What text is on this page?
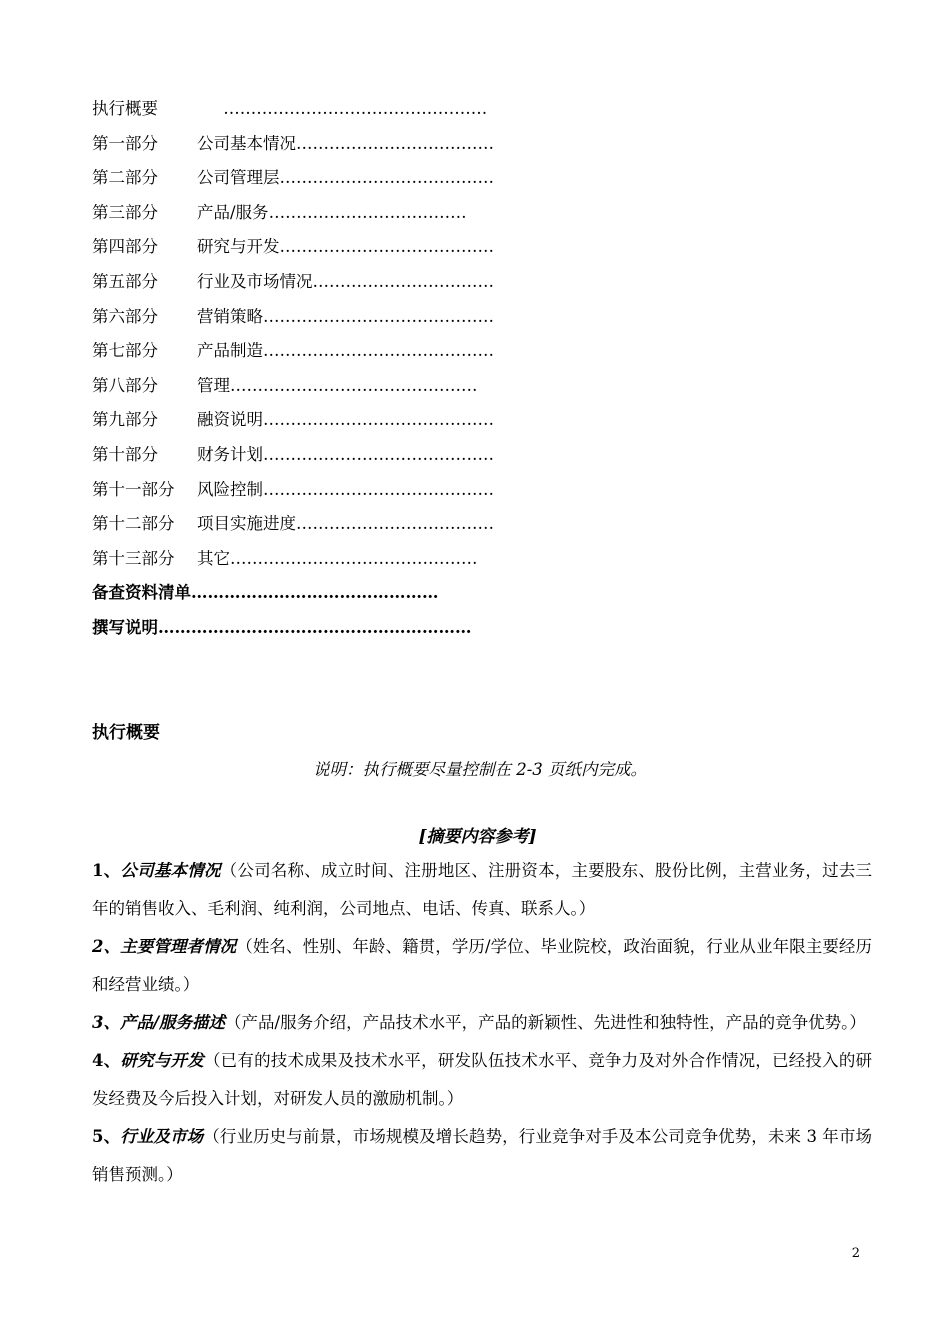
执行概要     …………………………………………
第一部分 公司基本情况………………………………
第二部分 公司管理层…………………………………
第三部分 产品/服务………………………………
第四部分 研究与开发…………………………………
第五部分 行业及市场情况……………………………
第六部分 营销策略……………………………………
第七部分 产品制造……………………………………
第八部分 管理………………………………………
第九部分 融资说明……………………………………
第十部分 财务计划……………………………………
第十一部分 风险控制……………………………………
第十二部分 项目实施进度………………………………
第十三部分 其它………………………………………
备查资料清单………………………………………
撰写说明…………………………………………………
执行概要
说明：执行概要尽量控制在 2-3 页纸内完成。
[摘要内容参考]

1、公司基本情况（公司名称、成立时间、注册地区、注册资本，主要股东、股份比例，主营业务，过去三年的销售收入、毛利润、纯利润，公司地点、电话、传真、联系人。）

2、主要管理者情况（姓名、性别、年龄、籍贯，学历/学位、毕业院校，政治面貌，行业从业年限主要经历和经营业绩。）

3、产品/服务描述（产品/服务介绍，产品技术水平，产品的新颖性、先进性和独特性，产品的竞争优势。）

4、研究与开发（已有的技术成果及技术水平，研发队伍技术水平、竞争力及对外合作情况，已经投入的研发经费及今后投入计划，对研发人员的激励机制。）

5、行业及市场（行业历史与前景，市场规模及增长趋势，行业竞争对手及本公司竞争优势，未来 3 年市场销售预测。）

2
